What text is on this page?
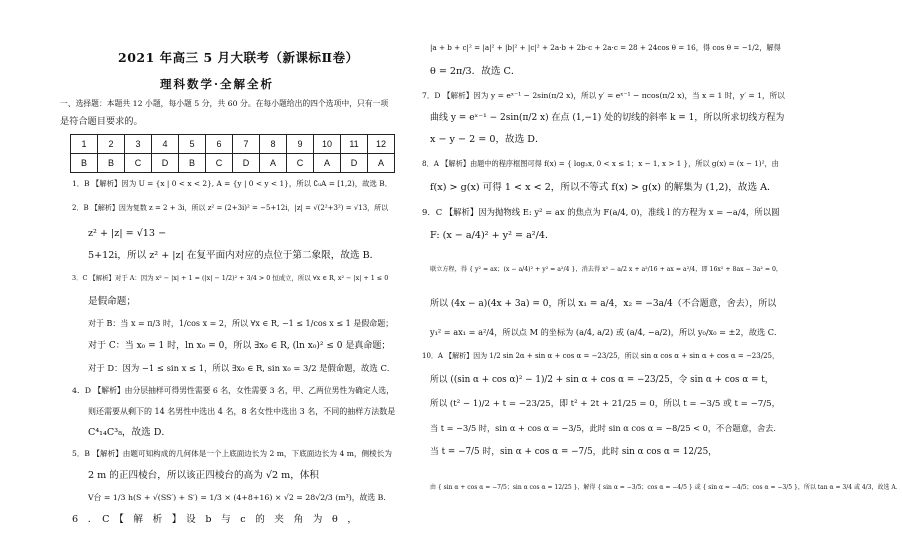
2021 年高三 5 月大联考（新课标Ⅱ卷）
理科数学·全解全析
一、选择题：本题共 12 小题，每小题 5 分，共 60 分。在每小题给出的四个选项中，只有一项
是符合题目要求的。
1	2	3	4	5	6	7	8	9	10	11	12
B	B	C	D	B	C	D	A	C	A	D	A
1．B 【解析】因为 U = {x | 0 < x < 2}, A = {y | 0 < y < 1}，所以 ∁ᵤA = [1,2)，故选 B．
2．B 【解析】因为复数 z = 2 + 3i，所以 z² = (2+3i)² = −5+12i，|z| = √(2²+3²) = √13，所以
z² + |z| = √13 −
5+12i，所以 z² + |z| 在复平面内对应的点位于第二象限，故选 B．
3．C 【解析】对于 A：因为 x² − |x| + 1 = (|x| − 1/2)² + 3/4 > 0 恒成立，所以 ∀x ∈ R, x² − |x| + 1 ≤ 0
是假命题；
对于 B：当 x = π/3 时，1/cos x = 2，所以 ∀x ∈ R, −1 ≤ 1/cos x ≤ 1 是假命题；
对于 C：当 x₀ = 1 时，ln x₀ = 0，所以 ∃x₀ ∈ R, (ln x₀)² ≤ 0 是真命题；
对于 D：因为 −1 ≤ sin x ≤ 1，所以 ∃x₀ ∈ R, sin x₀ = 3/2 是假命题，故选 C．
4．D 【解析】由分层抽样可得男性需要 6 名，女性需要 3 名，甲、乙两位男性为确定人选，
则还需要从剩下的 14 名男性中选出 4 名，8 名女性中选出 3 名，不同的抽样方法数是
C⁴₁₄C³₈，故选 D．
5．B 【解析】由题可知构成的几何体是一个上底面边长为 2 m，下底面边长为 4 m，侧棱长为
2 m 的正四棱台，所以该正四棱台的高为 √2 m，体积
V台 = 1/3 h(S + √(SS′) + S′) = 1/3 × (4+8+16) × √2 = 28√2/3 (m³)，故选 B．
6　．　C　【　解　析　】　设　b　与　c　的　夹　角　为　θ　，
|a + b + c|² = |a|² + |b|² + |c|² + 2a·b + 2b·c + 2a·c = 28 + 24cos θ = 16，得 cos θ = −1/2，解得
θ = 2π/3．故选 C．
7．D 【解析】因为 y = eˣ⁻¹ − 2sin(π/2 x)，所以 y′ = eˣ⁻¹ − πcos(π/2 x)，当 x = 1 时，y′ = 1，所以
曲线 y = eˣ⁻¹ − 2sin(π/2 x) 在点 (1,−1) 处的切线的斜率 k = 1，所以所求切线方程为
x − y − 2 = 0，故选 D．
8．A 【解析】由题中的程序框图可得 f(x) = { log₂x, 0 < x ≤ 1；x − 1, x > 1 }，所以 g(x) = (x − 1)²，由
f(x) > g(x) 可得 1 < x < 2，所以不等式 f(x) > g(x) 的解集为 (1,2)，故选 A．
9．C 【解析】因为抛物线 E: y² = ax 的焦点为 F(a/4, 0)，准线 l 的方程为 x = −a/4，所以圆
F: (x − a/4)² + y² = a²/4．
联立方程，得 { y² = ax；(x − a/4)² + y² = a²/4 }，消去得 x² − a/2 x + a²/16 + ax = a²/4，即 16x² + 8ax − 3a² = 0，
所以 (4x − a)(4x + 3a) = 0，所以 x₁ = a/4，x₂ = −3a/4（不合题意，舍去），所以
y₁² = ax₁ = a²/4，所以点 M 的坐标为 (a/4, a/2) 或 (a/4, −a/2)，所以 y₀/x₀ = ±2，故选 C．
10．A 【解析】因为 1/2 sin 2α + sin α + cos α = −23/25，所以 sin α cos α + sin α + cos α = −23/25，
所以 ((sin α + cos α)² − 1)/2 + sin α + cos α = −23/25，令 sin α + cos α = t，
所以 (t² − 1)/2 + t = −23/25，即 t² + 2t + 21/25 = 0，所以 t = −3/5 或 t = −7/5，
当 t = −3/5 时，sin α + cos α = −3/5，此时 sin α cos α = −8/25 < 0，不合题意，舍去．
当 t = −7/5 时，sin α + cos α = −7/5，此时 sin α cos α = 12/25，
由 { sin α + cos α = −7/5；sin α cos α = 12/25 }，解得 { sin α = −3/5；cos α = −4/5 } 或 { sin α = −4/5；cos α = −3/5 }，所以 tan α = 3/4 或 4/3，故选 A．
